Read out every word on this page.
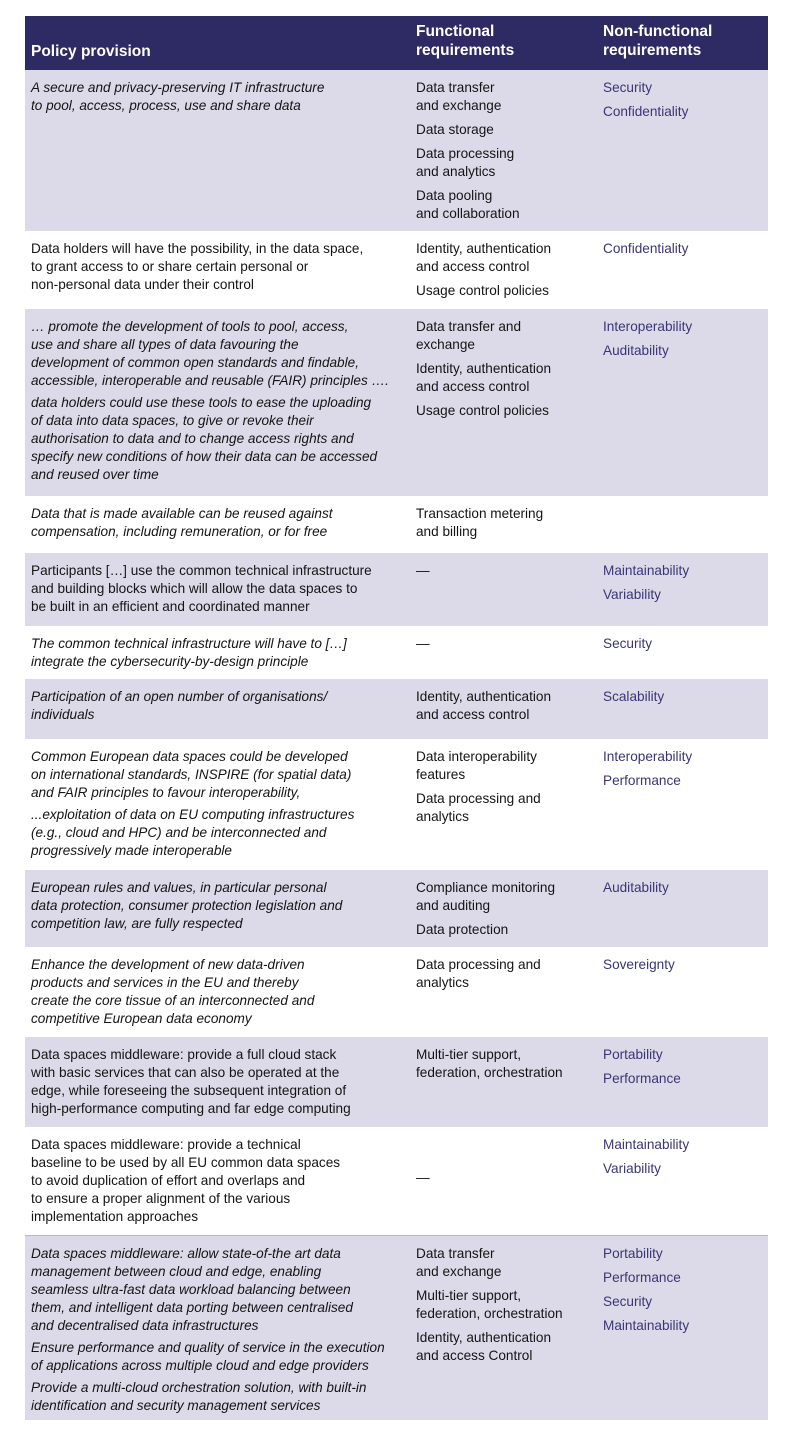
Policy provision
Functional
requirements
Non-functional
requirements
A secure and privacy-preserving IT infrastructure
to pool, access, process, use and share data
Data transfer
and exchange
Data storage
Data processing
and analytics
Data pooling
and collaboration
Security
Confidentiality
Data holders will have the possibility, in the data space,
to grant access to or share certain personal or
non-personal data under their control
Identity, authentication
and access control
Usage control policies
Confidentiality
… promote the development of tools to pool, access,
use and share all types of data favouring the
development of common open standards and findable,
accessible, interoperable and reusable (FAIR) principles ….
data holders could use these tools to ease the uploading
of data into data spaces, to give or revoke their
authorisation to data and to change access rights and
specify new conditions of how their data can be accessed
and reused over time
Data transfer and
exchange
Identity, authentication
and access control
Usage control policies
Interoperability
Auditability
Data that is made available can be reused against
compensation, including remuneration, or for free
Transaction metering
and billing
Participants […] use the common technical infrastructure
and building blocks which will allow the data spaces to
be built in an efficient and coordinated manner
—	Maintainability
Variability
The common technical infrastructure will have to […]
integrate the cybersecurity-by-design principle
—	Security
Participation of an open number of organisations/
individuals
Identity, authentication
and access control
Scalability
Common European data spaces could be developed
on international standards, INSPIRE (for spatial data)
and FAIR principles to favour interoperability,
...exploitation of data on EU computing infrastructures
(e.g., cloud and HPC) and be interconnected and
progressively made interoperable
Data interoperability
features
Data processing and
analytics
Interoperability
Performance
European rules and values, in particular personal
data protection, consumer protection legislation and
competition law, are fully respected
Compliance monitoring
and auditing
Data protection
Auditability
Enhance the development of new data-driven
products and services in the EU and thereby
create the core tissue of an interconnected and
competitive European data economy
Data processing and
analytics
Sovereignty
Data spaces middleware: provide a full cloud stack
with basic services that can also be operated at the
edge, while foreseeing the subsequent integration of
high-performance computing and far edge computing
Multi-tier support,
federation, orchestration
Portability
Performance
Data spaces middleware: provide a technical
baseline to be used by all EU common data spaces
to avoid duplication of effort and overlaps and
to ensure a proper alignment of the various
implementation approaches
—
Maintainability
Variability
Data spaces middleware: allow state-of-the art data
management between cloud and edge, enabling
seamless ultra-fast data workload balancing between
them, and intelligent data porting between centralised
and decentralised data infrastructures
Ensure performance and quality of service in the execution
of applications across multiple cloud and edge providers
Provide a multi-cloud orchestration solution, with built-in
identification and security management services
Data transfer
and exchange
Multi-tier support,
federation, orchestration
Identity, authentication
and access Control
Portability
Performance
Security
Maintainability
